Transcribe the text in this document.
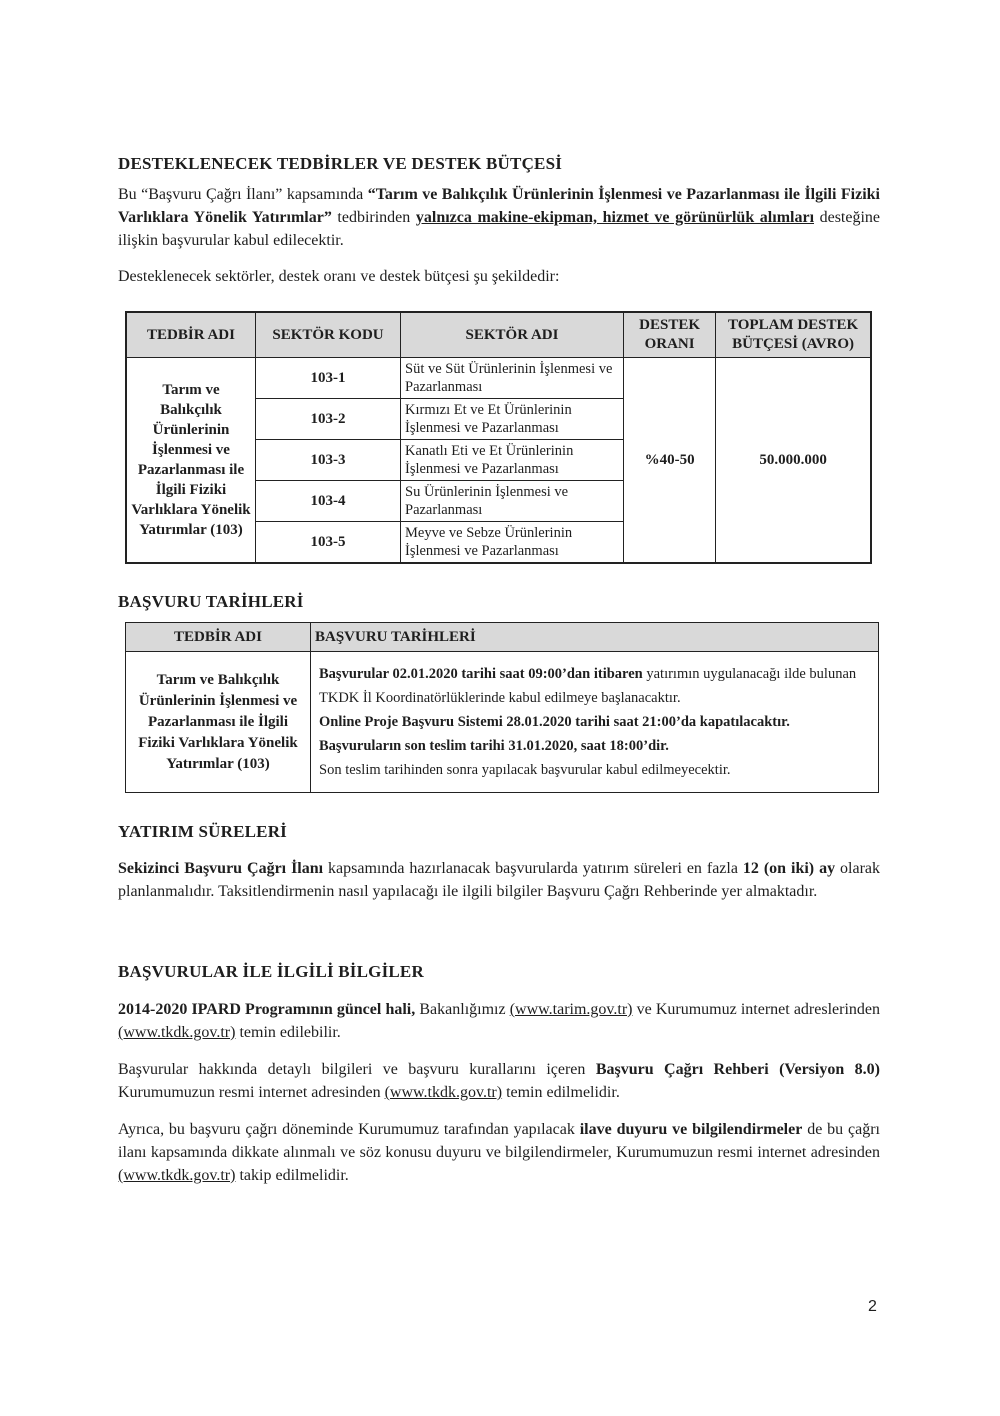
DESTEKLENECEK TEDBİRLER VE DESTEK BÜTÇESİ

Bu “Başvuru Çağrı İlanı” kapsamında “Tarım ve Balıkçılık Ürünlerinin İşlenmesi ve Pazarlanması ile İlgili Fiziki Varlıklara Yönelik Yatırımlar” tedbirinden yalnızca makine-ekipman, hizmet ve görünürlük alımları desteğine ilişkin başvurular kabul edilecektir.

Desteklenecek sektörler, destek oranı ve destek bütçesi şu şekildedir:

TEDBİR ADI	SEKTÖR KODU	SEKTÖR ADI	DESTEK ORANI	TOPLAM DESTEK BÜTÇESİ (AVRO)
Tarım ve Balıkçılık Ürünlerinin İşlenmesi ve Pazarlanması ile İlgili Fiziki Varlıklara Yönelik Yatırımlar (103)	103-1	Süt ve Süt Ürünlerinin İşlenmesi ve Pazarlanması	%40-50	50.000.000
	103-2	Kırmızı Et ve Et Ürünlerinin İşlenmesi ve Pazarlanması		
	103-3	Kanatlı Eti ve Et Ürünlerinin İşlenmesi ve Pazarlanması		
	103-4	Su Ürünlerinin İşlenmesi ve Pazarlanması		
	103-5	Meyve ve Sebze Ürünlerinin İşlenmesi ve Pazarlanması		
BAŞVURU TARİHLERİ
TEDBİR ADI	BAŞVURU TARİHLERİ
Tarım ve Balıkçılık Ürünlerinin İşlenmesi ve Pazarlanması ile İlgili Fiziki Varlıklara Yönelik Yatırımlar (103)	Başvurular 02.01.2020 tarihi saat 09:00’dan itibaren yatırımın uygulanacağı ilde bulunan TKDK İl Koordinatörlüklerinde kabul edilmeye başlanacaktır.
Online Proje Başvuru Sistemi 28.01.2020 tarihi saat 21:00’da kapatılacaktır.
Başvuruların son teslim tarihi 31.01.2020, saat 18:00’dir.
Son teslim tarihinden sonra yapılacak başvurular kabul edilmeyecektir.
YATIRIM SÜRELERİ

Sekizinci Başvuru Çağrı İlanı kapsamında hazırlanacak başvurularda yatırım süreleri en fazla 12 (on iki) ay olarak planlanmalıdır. Taksitlendirmenin nasıl yapılacağı ile ilgili bilgiler Başvuru Çağrı Rehberinde yer almaktadır.

BAŞVURULAR İLE İLGİLİ BİLGİLER

2014-2020 IPARD Programının güncel hali, Bakanlığımız (www.tarim.gov.tr) ve Kurumumuz internet adreslerinden (www.tkdk.gov.tr) temin edilebilir.

Başvurular hakkında detaylı bilgileri ve başvuru kurallarını içeren Başvuru Çağrı Rehberi (Versiyon 8.0) Kurumumuzun resmi internet adresinden (www.tkdk.gov.tr) temin edilmelidir.

Ayrıca, bu başvuru çağrı döneminde Kurumumuz tarafından yapılacak ilave duyuru ve bilgilendirmeler de bu çağrı ilanı kapsamında dikkate alınmalı ve söz konusu duyuru ve bilgilendirmeler, Kurumumuzun resmi internet adresinden (www.tkdk.gov.tr) takip edilmelidir.

2
